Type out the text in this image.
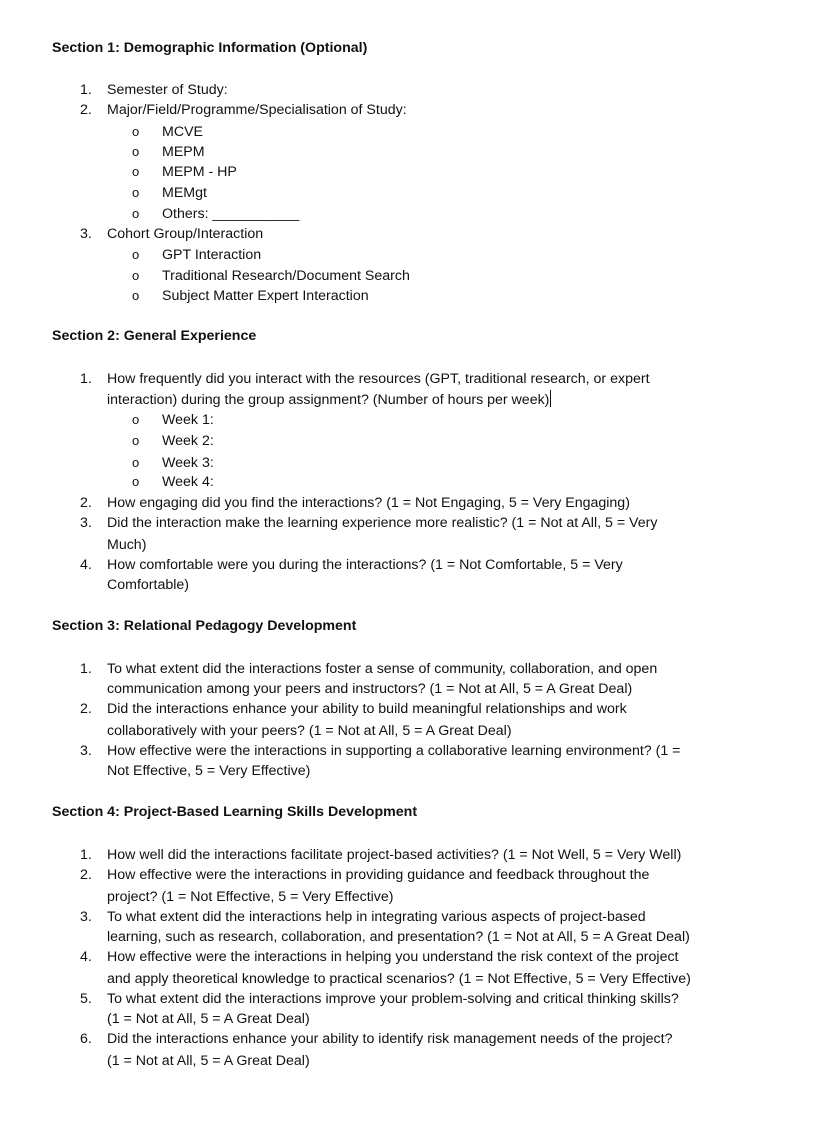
Section 1: Demographic Information (Optional)
1. Semester of Study:
2. Major/Field/Programme/Specialisation of Study:
o MCVE
o MEPM
o MEPM - HP
o MEMgt
o Others: ___________
3. Cohort Group/Interaction
o GPT Interaction
o Traditional Research/Document Search
o Subject Matter Expert Interaction
Section 2: General Experience
1. How frequently did you interact with the resources (GPT, traditional research, or expert
interaction) during the group assignment? (Number of hours per week)
o Week 1:
o Week 2:
o Week 3:
o Week 4:
2. How engaging did you find the interactions? (1 = Not Engaging, 5 = Very Engaging)
3. Did the interaction make the learning experience more realistic? (1 = Not at All, 5 = Very
Much)
4. How comfortable were you during the interactions? (1 = Not Comfortable, 5 = Very
Comfortable)
Section 3: Relational Pedagogy Development
1. To what extent did the interactions foster a sense of community, collaboration, and open
communication among your peers and instructors? (1 = Not at All, 5 = A Great Deal)
2. Did the interactions enhance your ability to build meaningful relationships and work
collaboratively with your peers? (1 = Not at All, 5 = A Great Deal)
3. How effective were the interactions in supporting a collaborative learning environment? (1 =
Not Effective, 5 = Very Effective)
Section 4: Project-Based Learning Skills Development
1. How well did the interactions facilitate project-based activities? (1 = Not Well, 5 = Very Well)
2. How effective were the interactions in providing guidance and feedback throughout the
project? (1 = Not Effective, 5 = Very Effective)
3. To what extent did the interactions help in integrating various aspects of project-based
learning, such as research, collaboration, and presentation? (1 = Not at All, 5 = A Great Deal)
4. How effective were the interactions in helping you understand the risk context of the project
and apply theoretical knowledge to practical scenarios? (1 = Not Effective, 5 = Very Effective)
5. To what extent did the interactions improve your problem-solving and critical thinking skills?
(1 = Not at All, 5 = A Great Deal)
6. Did the interactions enhance your ability to identify risk management needs of the project?
(1 = Not at All, 5 = A Great Deal)
